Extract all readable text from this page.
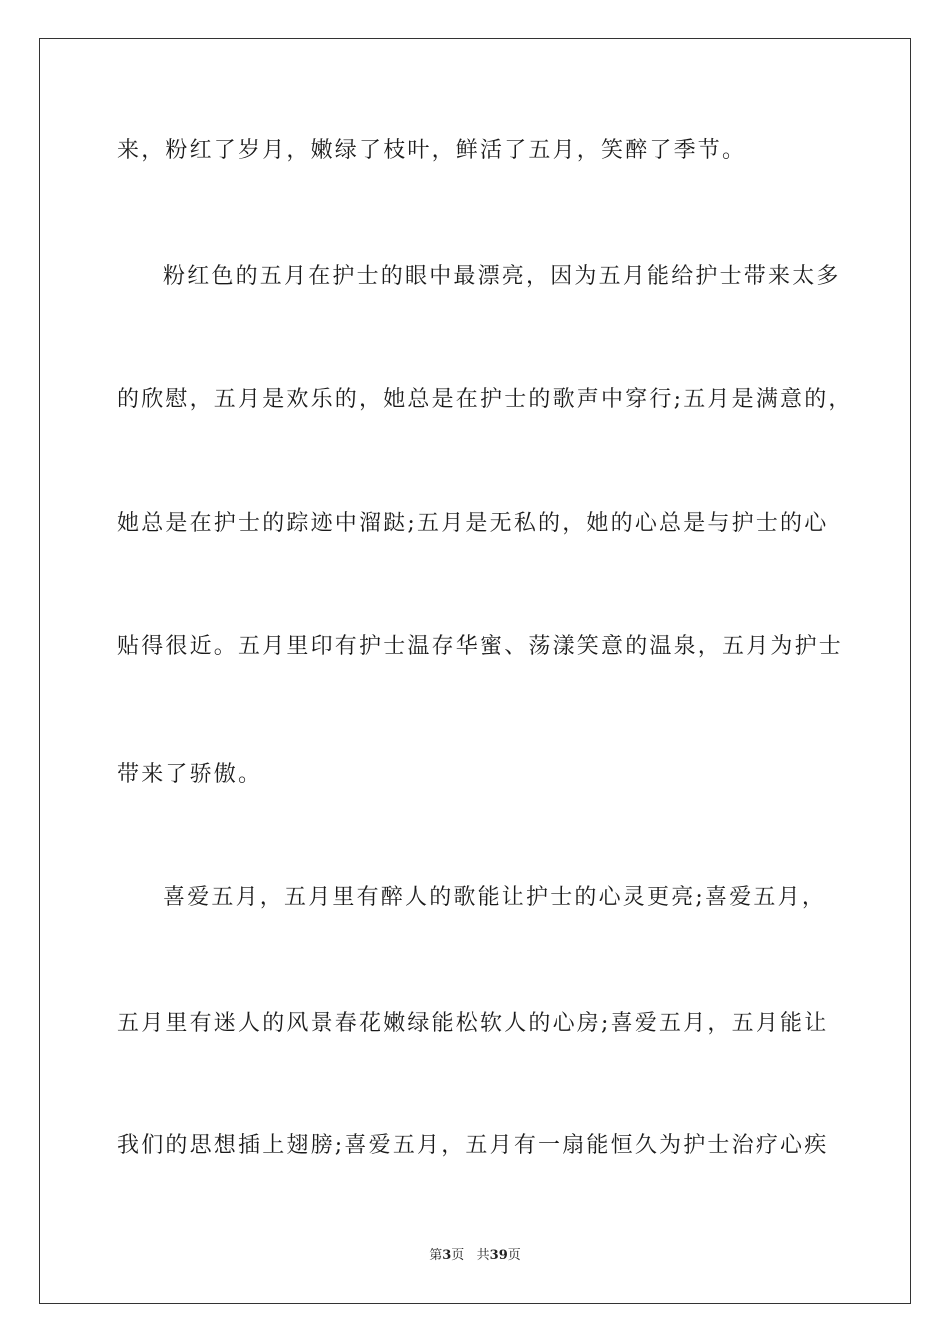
来，粉红了岁月，嫩绿了枝叶，鲜活了五月，笑醉了季节。
粉红色的五月在护士的眼中最漂亮，因为五月能给护士带来太多
的欣慰，五月是欢乐的，她总是在护士的歌声中穿行;五月是满意的，
她总是在护士的踪迹中溜跶;五月是无私的，她的心总是与护士的心
贴得很近。五月里印有护士温存华蜜、荡漾笑意的温泉，五月为护士
带来了骄傲。
喜爱五月，五月里有醉人的歌能让护士的心灵更亮;喜爱五月，
五月里有迷人的风景春花嫩绿能松软人的心房;喜爱五月，五月能让
我们的思想插上翅膀;喜爱五月，五月有一扇能恒久为护士治疗心疾
第3页   共39页
